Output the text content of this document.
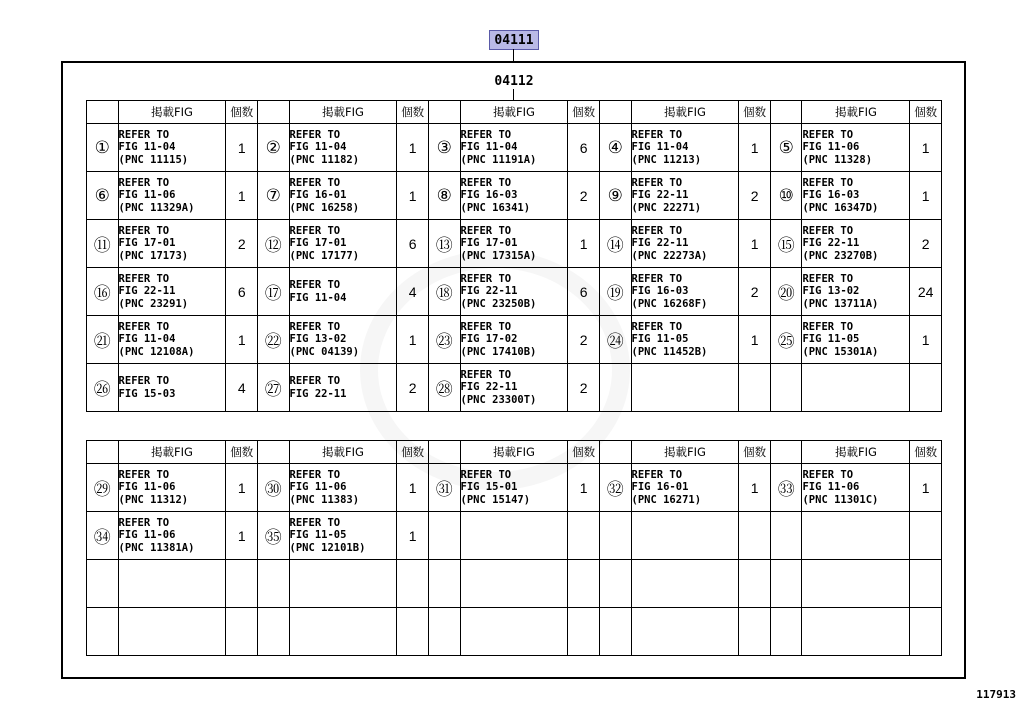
04111
04112
	掲載FIG	個数		掲載FIG	個数		掲載FIG	個数		掲載FIG	個数		掲載FIG	個数
①	REFER TO
FIG 11-04
(PNC 11115)	1	②	REFER TO
FIG 11-04
(PNC 11182)	1	③	REFER TO
FIG 11-04
(PNC 11191A)	6	④	REFER TO
FIG 11-04
(PNC 11213)	1	⑤	REFER TO
FIG 11-06
(PNC 11328)	1
⑥	REFER TO
FIG 11-06
(PNC 11329A)	1	⑦	REFER TO
FIG 16-01
(PNC 16258)	1	⑧	REFER TO
FIG 16-03
(PNC 16341)	2	⑨	REFER TO
FIG 22-11
(PNC 22271)	2	⑩	REFER TO
FIG 16-03
(PNC 16347D)	1
⑪	REFER TO
FIG 17-01
(PNC 17173)	2	⑫	REFER TO
FIG 17-01
(PNC 17177)	6	⑬	REFER TO
FIG 17-01
(PNC 17315A)	1	⑭	REFER TO
FIG 22-11
(PNC 22273A)	1	⑮	REFER TO
FIG 22-11
(PNC 23270B)	2
⑯	REFER TO
FIG 22-11
(PNC 23291)	6	⑰	REFER TO
FIG 11-04	4	⑱	REFER TO
FIG 22-11
(PNC 23250B)	6	⑲	REFER TO
FIG 16-03
(PNC 16268F)	2	⑳	REFER TO
FIG 13-02
(PNC 13711A)	24
㉑	REFER TO
FIG 11-04
(PNC 12108A)	1	㉒	REFER TO
FIG 13-02
(PNC 04139)	1	㉓	REFER TO
FIG 17-02
(PNC 17410B)	2	㉔	REFER TO
FIG 11-05
(PNC 11452B)	1	㉕	REFER TO
FIG 11-05
(PNC 15301A)	1
㉖	REFER TO
FIG 15-03	4	㉗	REFER TO
FIG 22-11	2	㉘	REFER TO
FIG 22-11
(PNC 23300T)	2						
	掲載FIG	個数		掲載FIG	個数		掲載FIG	個数		掲載FIG	個数		掲載FIG	個数
㉙	REFER TO
FIG 11-06
(PNC 11312)	1	㉚	REFER TO
FIG 11-06
(PNC 11383)	1	㉛	REFER TO
FIG 15-01
(PNC 15147)	1	㉜	REFER TO
FIG 16-01
(PNC 16271)	1	㉝	REFER TO
FIG 11-06
(PNC 11301C)	1
㉞	REFER TO
FIG 11-06
(PNC 11381A)	1	㉟	REFER TO
FIG 11-05
(PNC 12101B)	1									

117913
